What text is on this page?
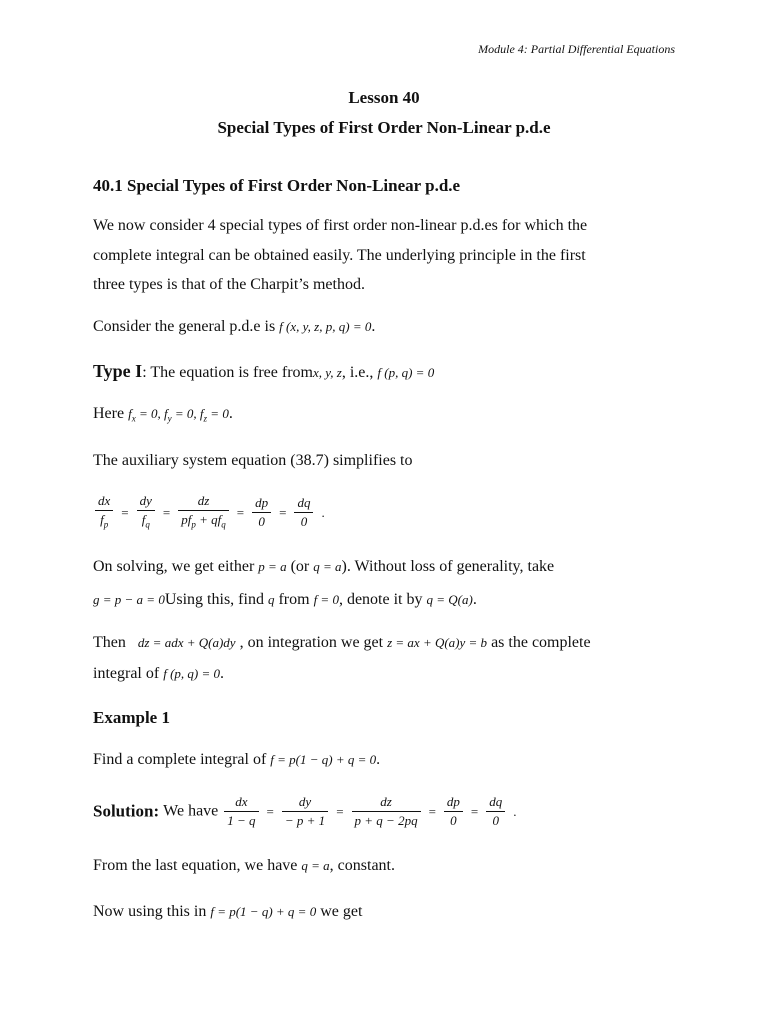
Module 4: Partial Differential Equations
Lesson 40
Special Types of First Order Non-Linear p.d.e
40.1 Special Types of First Order Non-Linear p.d.e
We now consider 4 special types of first order non-linear p.d.es for which the
complete integral can be obtained easily. The underlying principle in the first
three types is that of the Charpit’s method.
Consider the general p.d.e is f (x, y, z, p, q) = 0.
Type I: The equation is free fromx, y, z, i.e., f (p, q) = 0
Here $f_x = 0$, $f_y = 0$, $f_z = 0$.
The auxiliary system equation (38.7) simplifies to
$\frac{dx}{f_p} = \frac{dy}{f_q} = \frac{dz}{pf_p + qf_q} = \frac{dp}{0} = \frac{dq}{0}$ .
On solving, we get either p = a (or q = a). Without loss of generality, take
g = p − a = 0Using this, find q from f = 0, denote it by q = Q(a).
Then dz = adx + Q(a)dy , on integration we get z = ax + Q(a)y = b as the complete
integral of f (p, q) = 0.
Example 1
Find a complete integral of f = p(1 − q) + q = 0.
Solution: We have $\frac{dx}{1 - q} = \frac{dy}{- p + 1} = \frac{dz}{p + q - 2pq} = \frac{dp}{0} = \frac{dq}{0}$ .
From the last equation, we have q = a, constant.
Now using this in f = p(1 − q) + q = 0 we get
